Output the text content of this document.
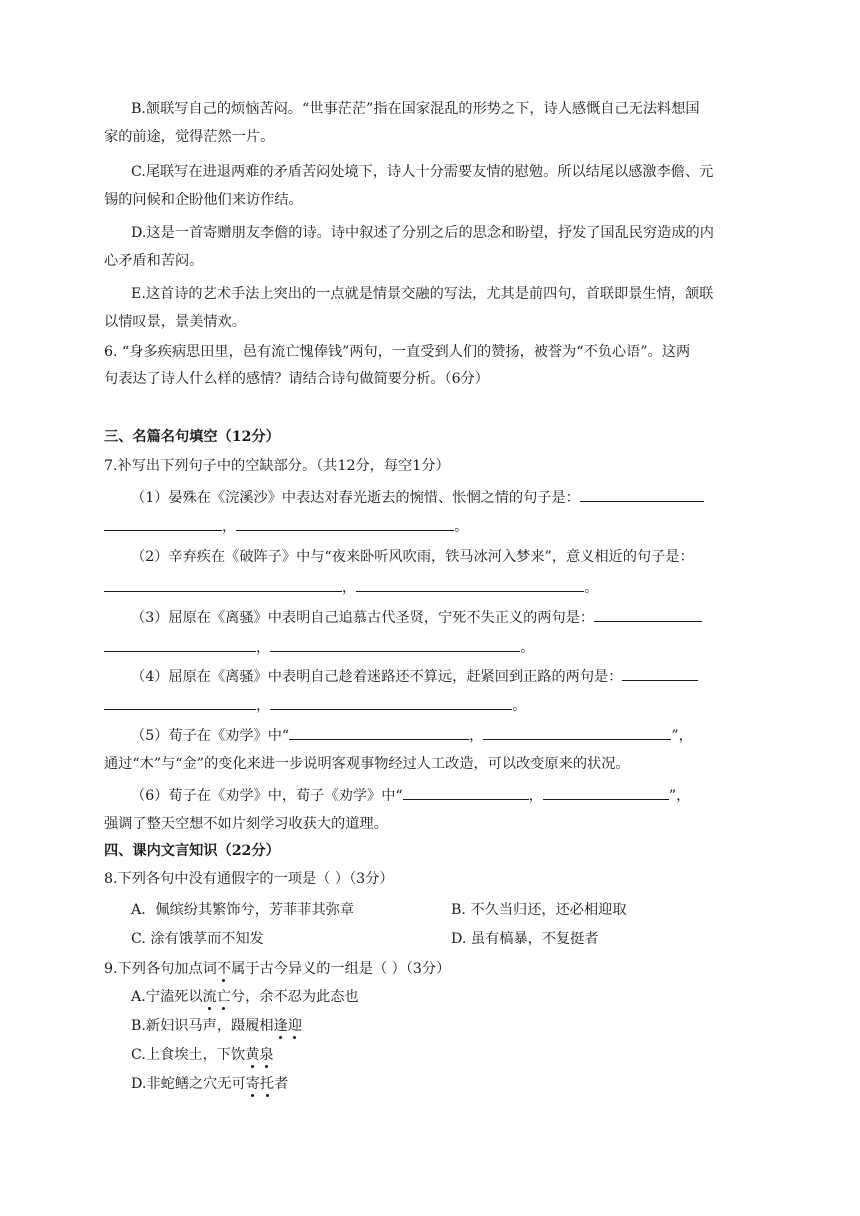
B.颔联写自己的烦恼苦闷。“世事茫茫”指在国家混乱的形势之下，诗人感慨自己无法料想国
家的前途，觉得茫然一片。
C.尾联写在进退两难的矛盾苦闷处境下，诗人十分需要友情的慰勉。所以结尾以感激李儋、元
锡的问候和企盼他们来访作结。
D.这是一首寄赠朋友李儋的诗。诗中叙述了分别之后的思念和盼望，抒发了国乱民穷造成的内
心矛盾和苦闷。
E.这首诗的艺术手法上突出的一点就是情景交融的写法，尤其是前四句，首联即景生情，颔联
以情叹景，景美情欢。
6. “身多疾病思田里，邑有流亡愧俸钱”两句，一直受到人们的赞扬，被誉为“不负心语”。这两
句表达了诗人什么样的感情？请结合诗句做简要分析。（6分）
三、名篇名句填空（12分）
7.补写出下列句子中的空缺部分。（共12分，每空1分）
（1）晏殊在《浣溪沙》中表达对春光逝去的惋惜、怅惘之情的句子是：
，	。
（2）辛弃疾在《破阵子》中与“夜来卧听风吹雨，铁马冰河入梦来”，意义相近的句子是：
，	。
（3）屈原在《离骚》中表明自己追慕古代圣贤，宁死不失正义的两句是：
，	。
（4）屈原在《离骚》中表明自己趁着迷路还不算远，赶紧回到正路的两句是：
，	。
（5）荀子在《劝学》中“	，	”，
通过“木”与“金”的变化来进一步说明客观事物经过人工改造，可以改变原来的状况。
（6）荀子在《劝学》中，荀子《劝学》中“	，	”，
强调了整天空想不如片刻学习收获大的道理。
四、课内文言知识（22分）
8.下列各句中没有通假字的一项是（ ）（3分）
A．佩缤纷其繁饰兮，芳菲菲其弥章	B. 不久当归还，还必相迎取
C. 涂有饿莩而不知发	D. 虽有槁暴，不复挺者
9.下列各句加点词不属于古今异义的一组是（ ）（3分）
A.宁溘死以流亡兮，余不忍为此态也
B.新妇识马声，蹑履相逢迎
C.上食埃土，下饮黄泉
D.非蛇鳝之穴无可寄托者
